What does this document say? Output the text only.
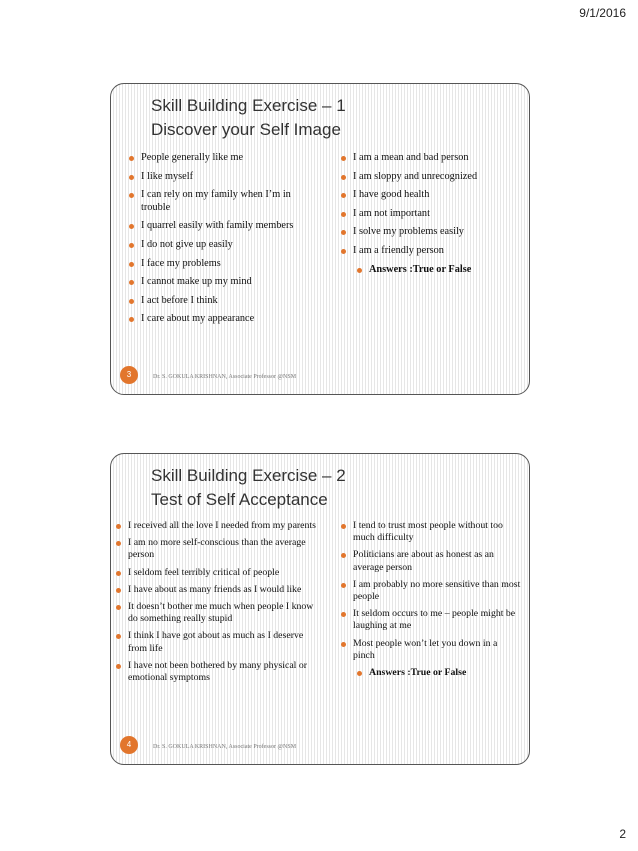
9/1/2016
Skill Building Exercise – 1
Discover your Self Image
People generally like me
I like myself
I can rely on my family when I’m in trouble
I quarrel easily with family members
I do not give up easily
I face my problems
I cannot make up my mind
I act before I think
I care about my appearance
I am a mean and bad person
I am sloppy and unrecognized
I have good health
I am not important
I solve my problems easily
I am a friendly person
Answers :True or False
3	Dr. S. GOKULA KRISHNAN, Associate Professor @NSM
Skill Building Exercise – 2
Test of Self Acceptance
I received all the love I needed from my parents
I am no more self-conscious than the average person
I seldom feel terribly critical of people
I have about as many friends as I would like
It doesn’t bother me much when people I know do something really stupid
I think I have got about as much as I deserve from life
I have not been bothered by many physical or emotional symptoms
I tend to trust most people without too much difficulty
Politicians are about as honest as an average person
I am probably no more sensitive than most people
It seldom occurs to me – people might be laughing at me
Most people won’t let you down in a pinch
Answers :True or False
4	Dr. S. GOKULA KRISHNAN, Associate Professor @NSM
2
